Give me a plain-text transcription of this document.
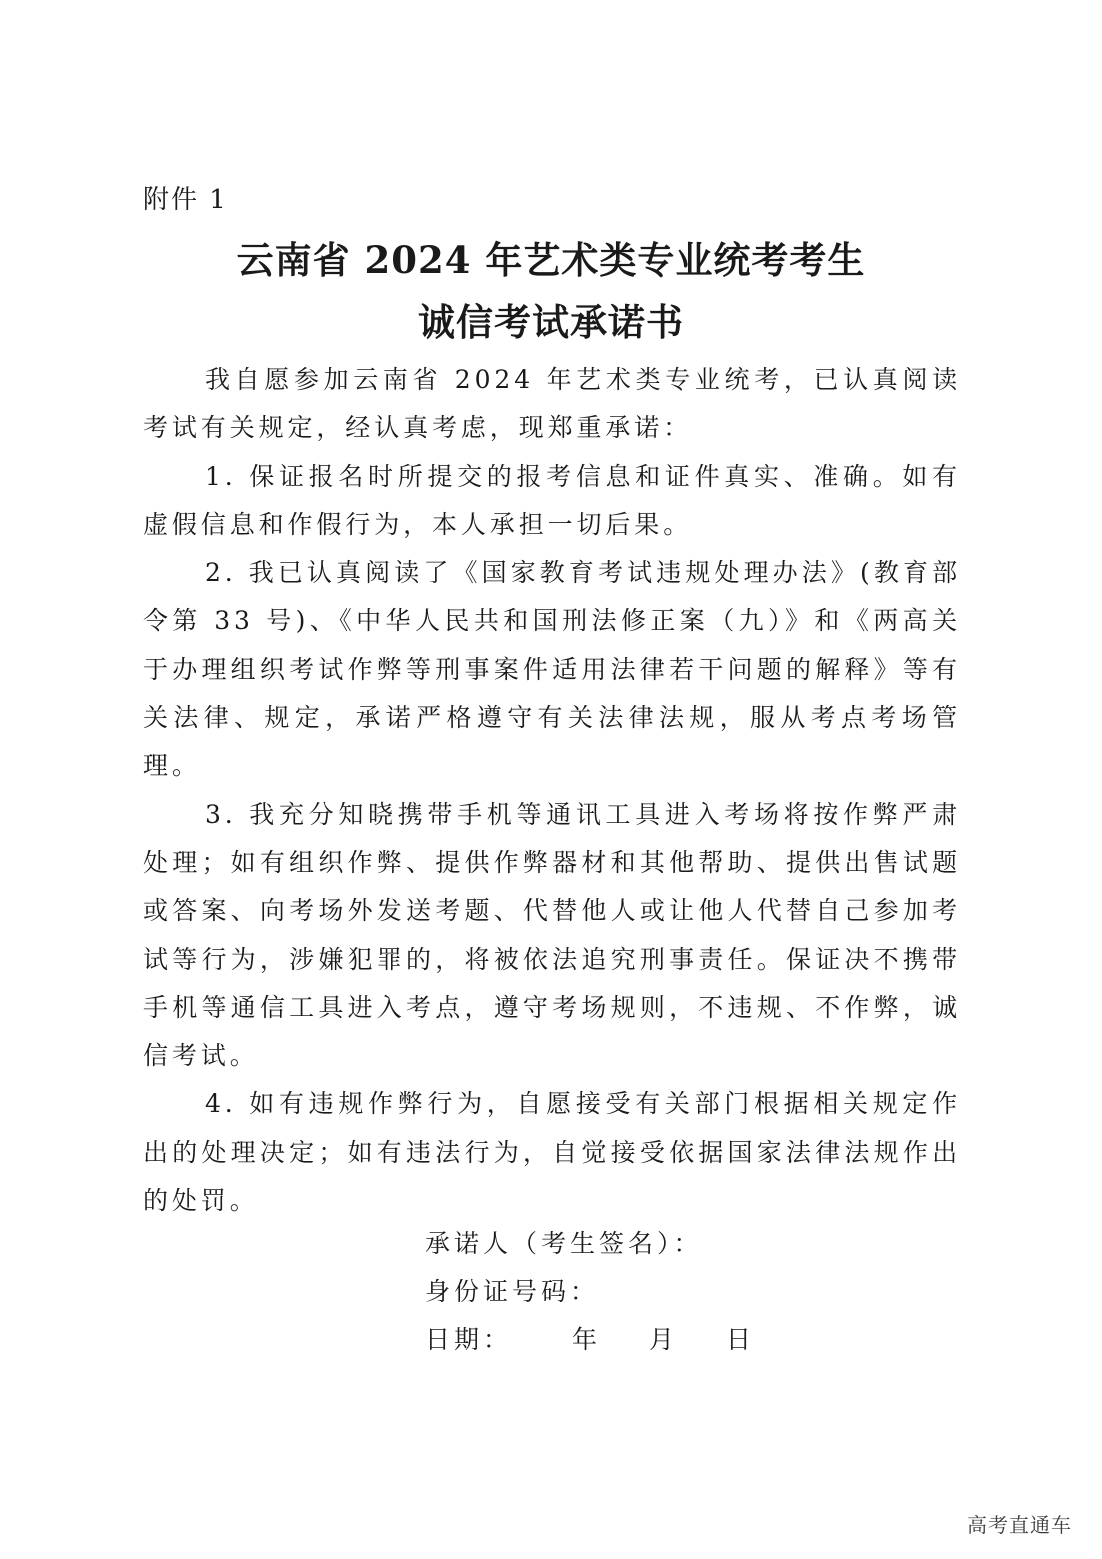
附件 1
云南省 2024 年艺术类专业统考考生
诚信考试承诺书

我自愿参加云南省 2024 年艺术类专业统考，已认真阅读考试有关规定，经认真考虑，现郑重承诺：

1. 保证报名时所提交的报考信息和证件真实、准确。如有虚假信息和作假行为，本人承担一切后果。

2. 我已认真阅读了《国家教育考试违规处理办法》(教育部令第 33 号)、《中华人民共和国刑法修正案（九）》和《两高关于办理组织考试作弊等刑事案件适用法律若干问题的解释》等有关法律、规定，承诺严格遵守有关法律法规，服从考点考场管理。

3. 我充分知晓携带手机等通讯工具进入考场将按作弊严肃处理；如有组织作弊、提供作弊器材和其他帮助、提供出售试题或答案、向考场外发送考题、代替他人或让他人代替自己参加考试等行为，涉嫌犯罪的，将被依法追究刑事责任。保证决不携带手机等通信工具进入考点，遵守考场规则，不违规、不作弊，诚信考试。

4. 如有违规作弊行为，自愿接受有关部门根据相关规定作出的处理决定；如有违法行为，自觉接受依据国家法律法规作出的处罚。

承诺人（考生签名）：
身份证号码：
日期： 年 月 日
高考直通车
